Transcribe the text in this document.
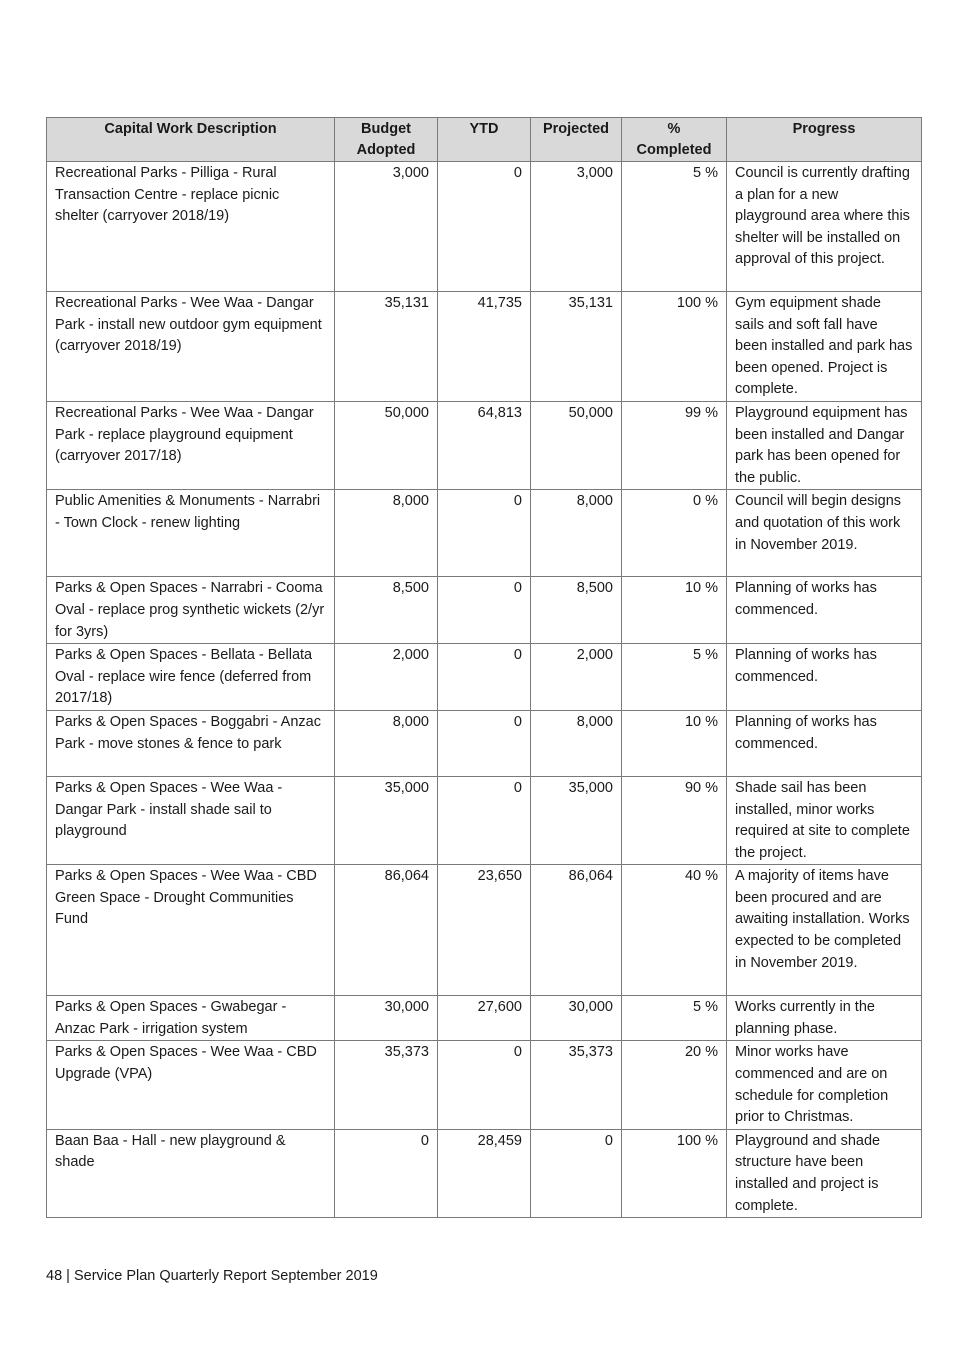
Capital Work Description	Budget Adopted	YTD	Projected	% Completed	Progress
Recreational Parks - Pilliga - Rural Transaction Centre - replace picnic shelter (carryover 2018/19)	3,000	0	3,000	5 %	Council is currently drafting a plan for a new playground area where this shelter will be installed on approval of this project.
Recreational Parks - Wee Waa - Dangar Park - install new outdoor gym equipment (carryover 2018/19)	35,131	41,735	35,131	100 %	Gym equipment shade sails and soft fall have been installed and park has been opened. Project is complete.
Recreational Parks - Wee Waa - Dangar Park - replace playground equipment (carryover 2017/18)	50,000	64,813	50,000	99 %	Playground equipment has been installed and Dangar park has been opened for the public.
Public Amenities & Monuments - Narrabri - Town Clock - renew lighting	8,000	0	8,000	0 %	Council will begin designs and quotation of this work in November 2019.
Parks & Open Spaces - Narrabri - Cooma Oval - replace prog synthetic wickets (2/yr for 3yrs)	8,500	0	8,500	10 %	Planning of works has commenced.
Parks & Open Spaces - Bellata - Bellata Oval - replace wire fence (deferred from 2017/18)	2,000	0	2,000	5 %	Planning of works has commenced.
Parks & Open Spaces - Boggabri - Anzac Park - move stones & fence to park	8,000	0	8,000	10 %	Planning of works has commenced.
Parks & Open Spaces - Wee Waa - Dangar Park - install shade sail to playground	35,000	0	35,000	90 %	Shade sail has been installed, minor works required at site to complete the project.
Parks & Open Spaces - Wee Waa - CBD Green Space - Drought Communities Fund	86,064	23,650	86,064	40 %	A majority of items have been procured and are awaiting installation. Works expected to be completed in November 2019.
Parks & Open Spaces - Gwabegar - Anzac Park - irrigation system	30,000	27,600	30,000	5 %	Works currently in the planning phase.
Parks & Open Spaces - Wee Waa - CBD Upgrade (VPA)	35,373	0	35,373	20 %	Minor works have commenced and are on schedule for completion prior to Christmas.
Baan Baa - Hall - new playground & shade	0	28,459	0	100 %	Playground and shade structure have been installed and project is complete.
48 | Service Plan Quarterly Report September 2019
